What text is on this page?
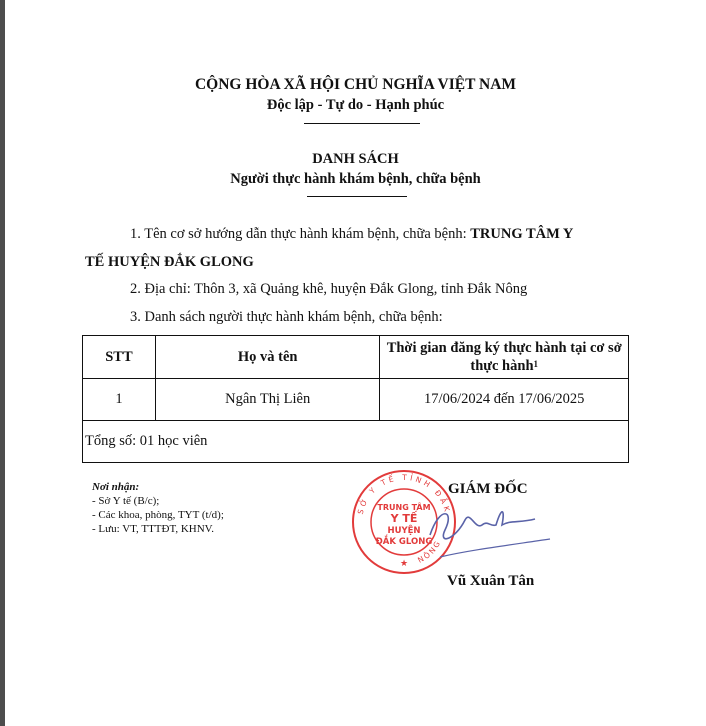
CỘNG HÒA XÃ HỘI CHỦ NGHĨA VIỆT NAM
Độc lập - Tự do - Hạnh phúc
DANH SÁCH
Người thực hành khám bệnh, chữa bệnh
1. Tên cơ sở hướng dẫn thực hành khám bệnh, chữa bệnh: TRUNG TÂM Y
TẾ HUYỆN ĐẮK GLONG
2. Địa chỉ: Thôn 3, xã Quảng khê, huyện Đắk Glong, tỉnh Đắk Nông
3. Danh sách người thực hành khám bệnh, chữa bệnh:
STT	Họ và tên	Thời gian đăng ký thực hành tại cơ sở thực hành$^1$
1	Ngân Thị Liên	17/06/2024 đến 17/06/2025
Tổng số: 01 học viên		
Nơi nhận:
- Sở Y tế (B/c);
- Các khoa, phòng, TYT (t/d);
- Lưu: VT, TTTĐT, KHNV.
SỞ Y TẾ TỈNH ĐẮK
NÔNG
★
TRUNG TÂM
Y TẾ
HUYỆN
ĐẮK GLONG
GIÁM ĐỐC
Vũ Xuân Tân
